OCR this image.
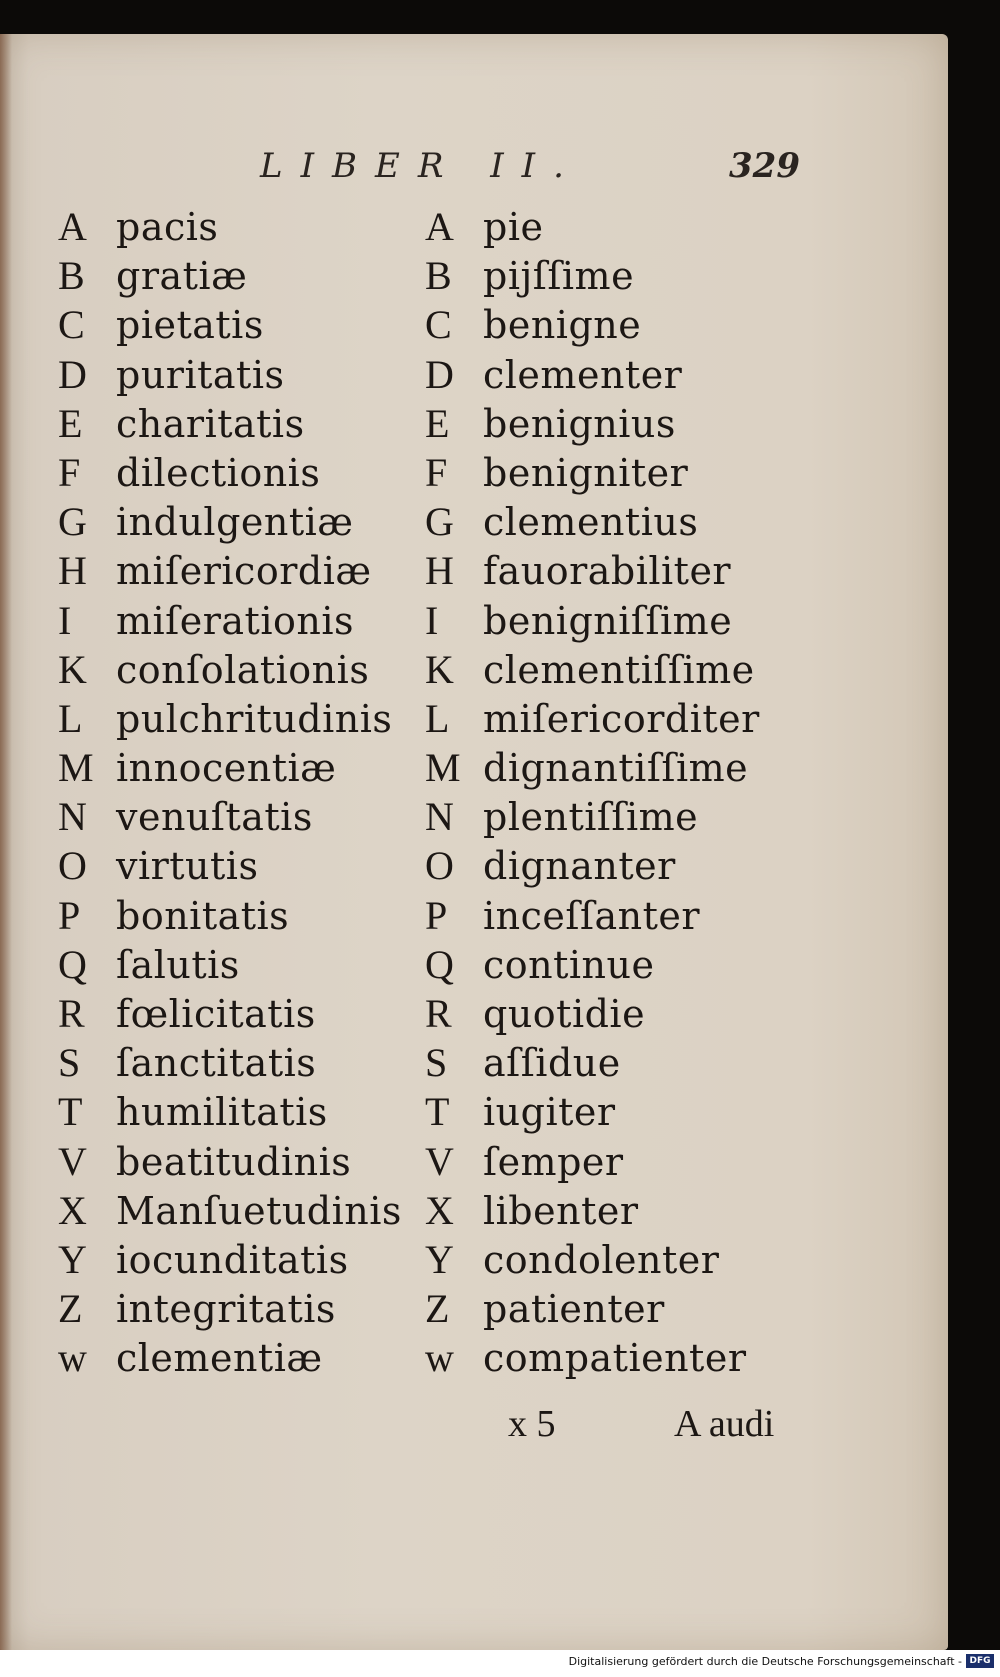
LIBER II.	329
A pacis
B gratiæ
C pietatis
D puritatis
E charitatis
F dilectionis
G indulgentiæ
H miſericordiæ
I miſerationis
K conſolationis
L pulchritudinis
M innocentiæ
N venuſtatis
O virtutis
P bonitatis
Q ſalutis
R fœlicitatis
S ſanctitatis
T humilitatis
V beatitudinis
X Manſuetudinis
Y iocunditatis
Z integritatis
w clementiæ
A pie
B pijſſime
C benigne
D clementer
E benignius
F benigniter
G clementius
H fauorabiliter
I benigniſſime
K clementiſſime
L miſericorditer
M dignantiſſime
N plentiſſime
O dignanter
P inceſſanter
Q continue
R quotidie
S aſſidue
T iugiter
V ſemper
X libenter
Y condolenter
Z patienter
w compatienter
x 5	A audi
Digitalisierung gefördert durch die Deutsche Forschungsgemeinschaft - DFG
